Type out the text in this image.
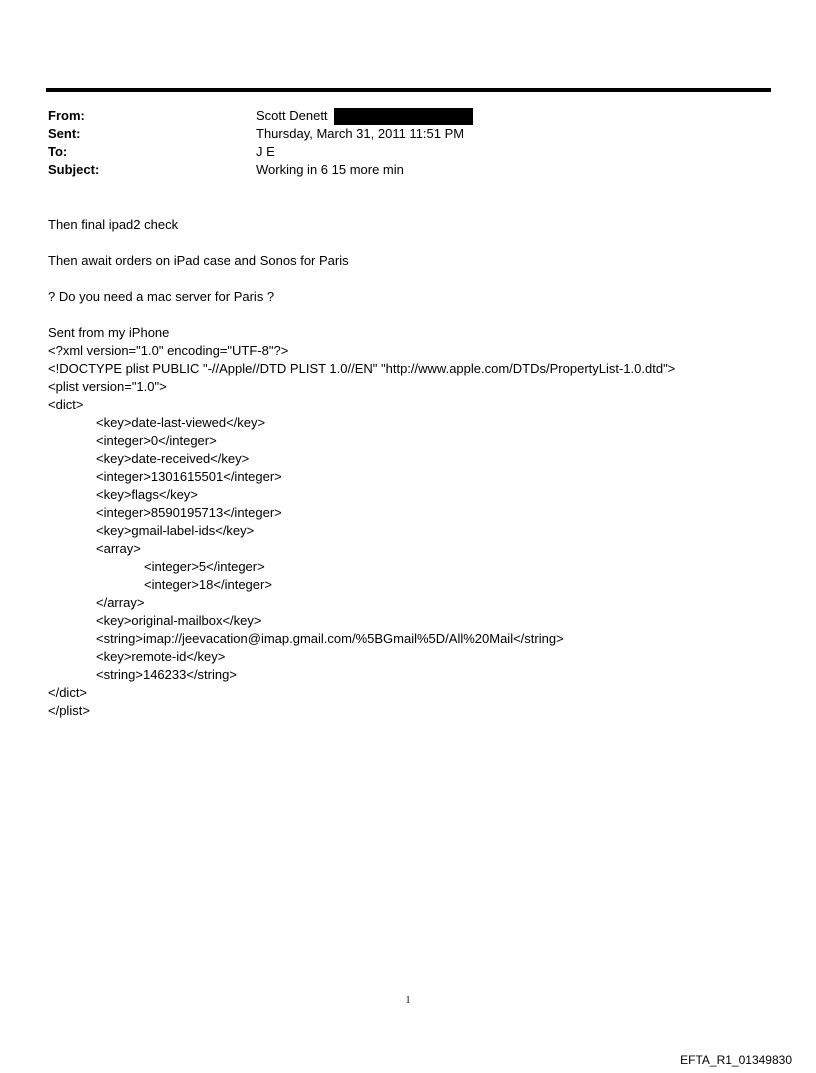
From:	Scott Denett
Sent:	Thursday, March 31, 2011 11:51 PM
To:	J E
Subject:	Working in 6 15 more min
Then final ipad2 check
Then await orders on iPad case and Sonos for Paris
? Do you need a mac server for Paris ?
Sent from my iPhone
<?xml version="1.0" encoding="UTF-8"?>
<!DOCTYPE plist PUBLIC "-//Apple//DTD PLIST 1.0//EN" "http://www.apple.com/DTDs/PropertyList-1.0.dtd">
<plist version="1.0">
<dict>
<key>date-last-viewed</key>
<integer>0</integer>
<key>date-received</key>
<integer>1301615501</integer>
<key>flags</key>
<integer>8590195713</integer>
<key>gmail-label-ids</key>
<array>
<integer>5</integer>
<integer>18</integer>
</array>
<key>original-mailbox</key>
<string>imap://jeevacation@imap.gmail.com/%5BGmail%5D/All%20Mail</string>
<key>remote-id</key>
<string>146233</string>
</dict>
</plist>
1
EFTA_R1_01349830
